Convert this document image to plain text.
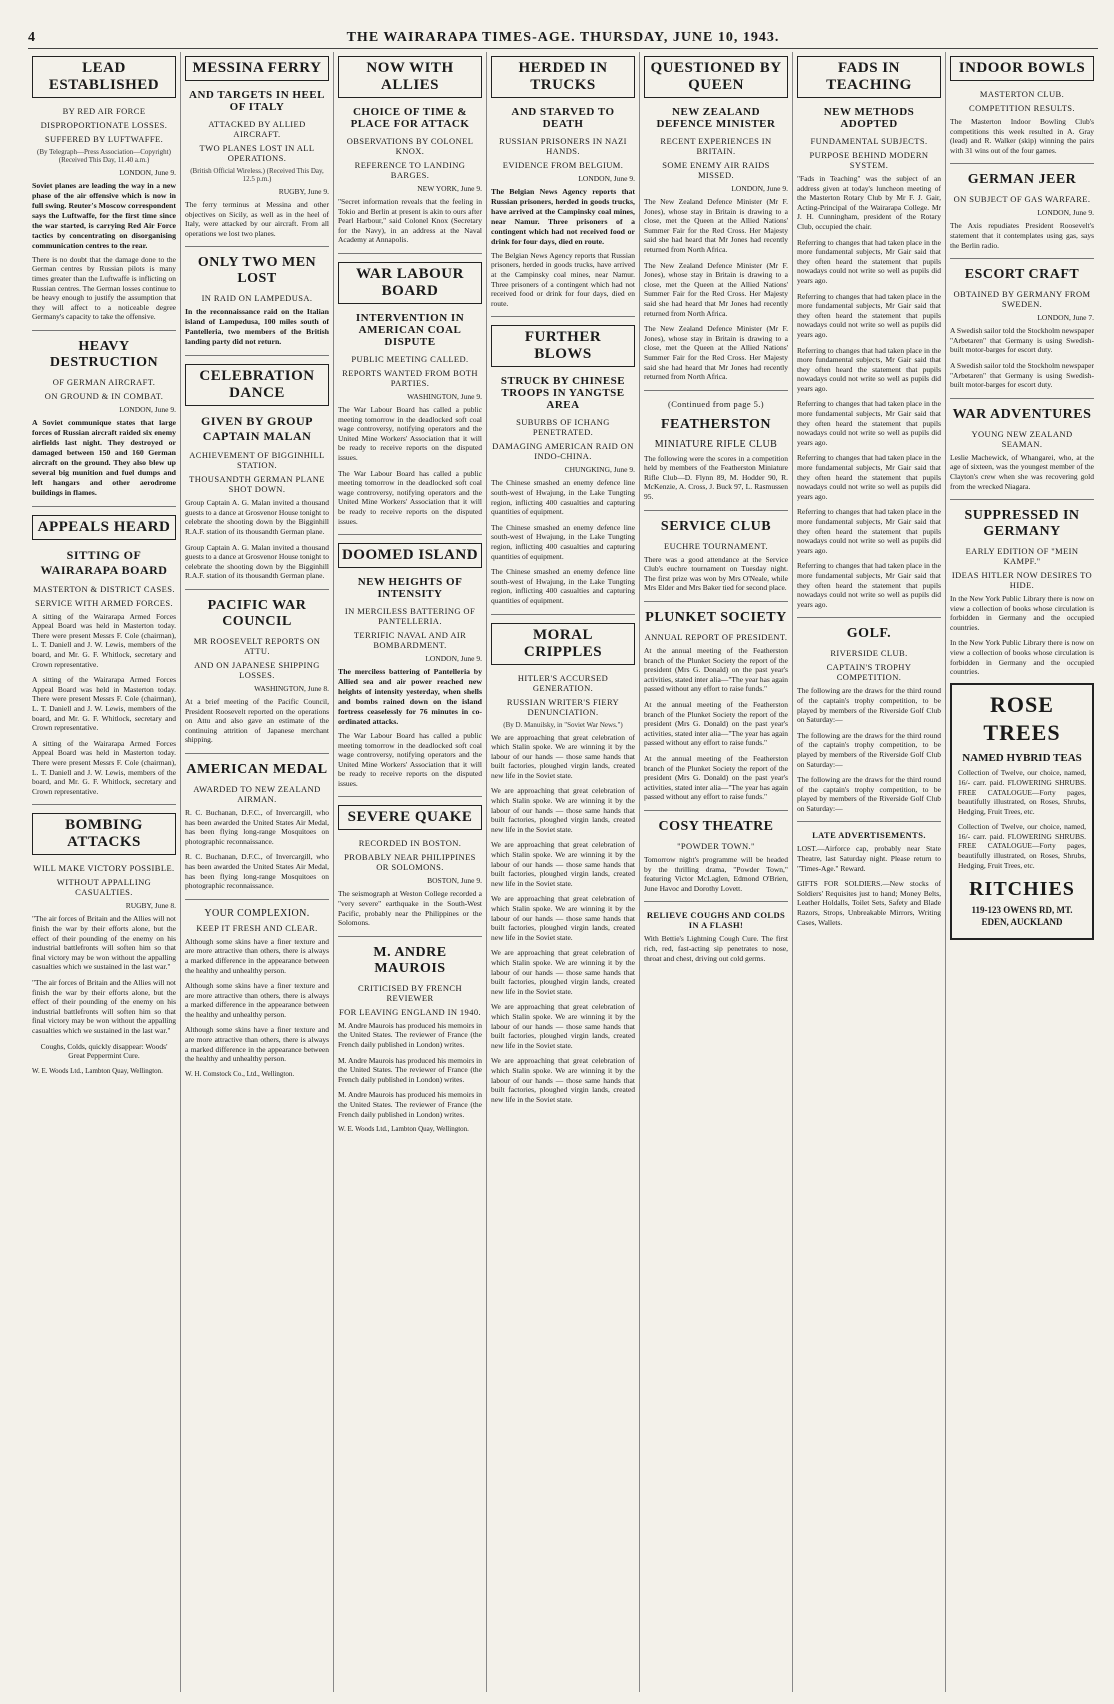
4	THE WAIRARAPA TIMES-AGE. THURSDAY, JUNE 10, 1943.
LEAD ESTABLISHED
BY RED AIR FORCE
DISPROPORTIONATE LOSSES.
SUFFERED BY LUFTWAFFE.
(By Telegraph—Press Association—Copyright) (Received This Day, 11.40 a.m.)
LONDON, June 9.

Soviet planes are leading the way in a new phase of the air offensive which is now in full swing. Reuter's Moscow correspondent says the Luftwaffe, for the first time since the war started, is carrying Red Air Force tactics by concentrating on disorganising communication centres to the rear.

There is no doubt that the damage done to the German centres by Russian pilots is many times greater than the Luftwaffe is inflicting on Russian centres. The German losses continue to be heavy enough to justify the assumption that they will affect to a noticeable degree Germany's capacity to take the offensive.

HEAVY DESTRUCTION
OF GERMAN AIRCRAFT.
ON GROUND & IN COMBAT.
LONDON, June 9.

A Soviet communique states that large forces of Russian aircraft raided six enemy airfields last night. They destroyed or damaged between 150 and 160 German aircraft on the ground. They also blew up several big munition and fuel dumps and left hangars and other aerodrome buildings in flames.

APPEALS HEARD
SITTING OF WAIRARAPA BOARD
MASTERTON & DISTRICT CASES.
SERVICE WITH ARMED FORCES.

A sitting of the Wairarapa Armed Forces Appeal Board was held in Masterton today. There were present Messrs F. Cole (chairman), L. T. Daniell and J. W. Lewis, members of the board, and Mr. G. F. Whitlock, secretary and Crown representative.

A sitting of the Wairarapa Armed Forces Appeal Board was held in Masterton today. There were present Messrs F. Cole (chairman), L. T. Daniell and J. W. Lewis, members of the board, and Mr. G. F. Whitlock, secretary and Crown representative.

A sitting of the Wairarapa Armed Forces Appeal Board was held in Masterton today. There were present Messrs F. Cole (chairman), L. T. Daniell and J. W. Lewis, members of the board, and Mr. G. F. Whitlock, secretary and Crown representative.

BOMBING ATTACKS
WILL MAKE VICTORY POSSIBLE.
WITHOUT APPALLING CASUALTIES.
RUGBY, June 8.

"The air forces of Britain and the Allies will not finish the war by their efforts alone, but the effect of their pounding of the enemy on his industrial battlefronts will soften him so that final victory may be won without the appalling casualties which we sustained in the last war."

"The air forces of Britain and the Allies will not finish the war by their efforts alone, but the effect of their pounding of the enemy on his industrial battlefronts will soften him so that final victory may be won without the appalling casualties which we sustained in the last war."

Coughs, Colds, quickly disappear: Woods' Great Peppermint Cure.

W. E. Woods Ltd., Lambton Quay, Wellington.
MESSINA FERRY
AND TARGETS IN HEEL OF ITALY
ATTACKED BY ALLIED AIRCRAFT.
TWO PLANES LOST IN ALL OPERATIONS.
(British Official Wireless.) (Received This Day, 12.5 p.m.)
RUGBY, June 9.

The ferry terminus at Messina and other objectives on Sicily, as well as in the heel of Italy, were attacked by our aircraft. From all operations we lost two planes.

ONLY TWO MEN LOST
IN RAID ON LAMPEDUSA.

In the reconnaissance raid on the Italian island of Lampedusa, 100 miles south of Pantelleria, two members of the British landing party did not return.

CELEBRATION DANCE
GIVEN BY GROUP CAPTAIN MALAN
ACHIEVEMENT OF BIGGINHILL STATION.
THOUSANDTH GERMAN PLANE SHOT DOWN.

Group Captain A. G. Malan invited a thousand guests to a dance at Grosvenor House tonight to celebrate the shooting down by the Bigginhill R.A.F. station of its thousandth German plane.

Group Captain A. G. Malan invited a thousand guests to a dance at Grosvenor House tonight to celebrate the shooting down by the Bigginhill R.A.F. station of its thousandth German plane.

PACIFIC WAR COUNCIL
MR ROOSEVELT REPORTS ON ATTU.
AND ON JAPANESE SHIPPING LOSSES.
WASHINGTON, June 8.

At a brief meeting of the Pacific Council, President Roosevelt reported on the operations on Attu and also gave an estimate of the continuing attrition of Japanese merchant shipping.

AMERICAN MEDAL
AWARDED TO NEW ZEALAND AIRMAN.

R. C. Buchanan, D.F.C., of Invercargill, who has been awarded the United States Air Medal, has been flying long-range Mosquitoes on photographic reconnaissance.

R. C. Buchanan, D.F.C., of Invercargill, who has been awarded the United States Air Medal, has been flying long-range Mosquitoes on photographic reconnaissance.

YOUR COMPLEXION.
KEEP IT FRESH AND CLEAR.

Although some skins have a finer texture and are more attractive than others, there is always a marked difference in the appearance between the healthy and unhealthy person.

Although some skins have a finer texture and are more attractive than others, there is always a marked difference in the appearance between the healthy and unhealthy person.

Although some skins have a finer texture and are more attractive than others, there is always a marked difference in the appearance between the healthy and unhealthy person.

W. H. Comstock Co., Ltd., Wellington.
NOW WITH ALLIES
CHOICE OF TIME & PLACE FOR ATTACK
OBSERVATIONS BY COLONEL KNOX.
REFERENCE TO LANDING BARGES.
NEW YORK, June 9.

"Secret information reveals that the feeling in Tokio and Berlin at present is akin to ours after Pearl Harbour," said Colonel Knox (Secretary for the Navy), in an address at the Naval Academy at Annapolis.

WAR LABOUR BOARD
INTERVENTION IN AMERICAN COAL DISPUTE
PUBLIC MEETING CALLED.
REPORTS WANTED FROM BOTH PARTIES.
WASHINGTON, June 9.

The War Labour Board has called a public meeting tomorrow in the deadlocked soft coal wage controversy, notifying operators and the United Mine Workers' Association that it will be ready to receive reports on the disputed issues.

The War Labour Board has called a public meeting tomorrow in the deadlocked soft coal wage controversy, notifying operators and the United Mine Workers' Association that it will be ready to receive reports on the disputed issues.

DOOMED ISLAND
NEW HEIGHTS OF INTENSITY
IN MERCILESS BATTERING OF PANTELLERIA.
TERRIFIC NAVAL AND AIR BOMBARDMENT.
LONDON, June 9.

The merciless battering of Pantelleria by Allied sea and air power reached new heights of intensity yesterday, when shells and bombs rained down on the island fortress ceaselessly for 76 minutes in co-ordinated attacks.

The War Labour Board has called a public meeting tomorrow in the deadlocked soft coal wage controversy, notifying operators and the United Mine Workers' Association that it will be ready to receive reports on the disputed issues.

SEVERE QUAKE
RECORDED IN BOSTON.
PROBABLY NEAR PHILIPPINES OR SOLOMONS.
BOSTON, June 9.

The seismograph at Weston College recorded a "very severe" earthquake in the South-West Pacific, probably near the Philippines or the Solomons.

M. ANDRE MAUROIS
CRITICISED BY FRENCH REVIEWER
FOR LEAVING ENGLAND IN 1940.

M. Andre Maurois has produced his memoirs in the United States. The reviewer of France (the French daily published in London) writes.

M. Andre Maurois has produced his memoirs in the United States. The reviewer of France (the French daily published in London) writes.

M. Andre Maurois has produced his memoirs in the United States. The reviewer of France (the French daily published in London) writes.

W. E. Woods Ltd., Lambton Quay, Wellington.
HERDED IN TRUCKS
AND STARVED TO DEATH
RUSSIAN PRISONERS IN NAZI HANDS.
EVIDENCE FROM BELGIUM.
LONDON, June 9.

The Belgian News Agency reports that Russian prisoners, herded in goods trucks, have arrived at the Campinsky coal mines, near Namur. Three prisoners of a contingent which had not received food or drink for four days, died en route.

The Belgian News Agency reports that Russian prisoners, herded in goods trucks, have arrived at the Campinsky coal mines, near Namur. Three prisoners of a contingent which had not received food or drink for four days, died en route.

FURTHER BLOWS
STRUCK BY CHINESE TROOPS IN YANGTSE AREA
SUBURBS OF ICHANG PENETRATED.
DAMAGING AMERICAN RAID ON INDO-CHINA.
CHUNGKING, June 9.

The Chinese smashed an enemy defence line south-west of Hwajung, in the Lake Tungting region, inflicting 400 casualties and capturing quantities of equipment.

The Chinese smashed an enemy defence line south-west of Hwajung, in the Lake Tungting region, inflicting 400 casualties and capturing quantities of equipment.

The Chinese smashed an enemy defence line south-west of Hwajung, in the Lake Tungting region, inflicting 400 casualties and capturing quantities of equipment.

MORAL CRIPPLES
HITLER'S ACCURSED GENERATION.
RUSSIAN WRITER'S FIERY DENUNCIATION.
(By D. Manuilsky, in "Soviet War News.")

We are approaching that great celebration of which Stalin spoke. We are winning it by the labour of our hands — those same hands that built factories, ploughed virgin lands, created new life in the Soviet state.

We are approaching that great celebration of which Stalin spoke. We are winning it by the labour of our hands — those same hands that built factories, ploughed virgin lands, created new life in the Soviet state.

We are approaching that great celebration of which Stalin spoke. We are winning it by the labour of our hands — those same hands that built factories, ploughed virgin lands, created new life in the Soviet state.

We are approaching that great celebration of which Stalin spoke. We are winning it by the labour of our hands — those same hands that built factories, ploughed virgin lands, created new life in the Soviet state.

We are approaching that great celebration of which Stalin spoke. We are winning it by the labour of our hands — those same hands that built factories, ploughed virgin lands, created new life in the Soviet state.

We are approaching that great celebration of which Stalin spoke. We are winning it by the labour of our hands — those same hands that built factories, ploughed virgin lands, created new life in the Soviet state.

We are approaching that great celebration of which Stalin spoke. We are winning it by the labour of our hands — those same hands that built factories, ploughed virgin lands, created new life in the Soviet state.

QUESTIONED BY QUEEN
NEW ZEALAND DEFENCE MINISTER
RECENT EXPERIENCES IN BRITAIN.
SOME ENEMY AIR RAIDS MISSED.
LONDON, June 9.

The New Zealand Defence Minister (Mr F. Jones), whose stay in Britain is drawing to a close, met the Queen at the Allied Nations' Summer Fair for the Red Cross. Her Majesty said she had heard that Mr Jones had recently returned from North Africa.

The New Zealand Defence Minister (Mr F. Jones), whose stay in Britain is drawing to a close, met the Queen at the Allied Nations' Summer Fair for the Red Cross. Her Majesty said she had heard that Mr Jones had recently returned from North Africa.

The New Zealand Defence Minister (Mr F. Jones), whose stay in Britain is drawing to a close, met the Queen at the Allied Nations' Summer Fair for the Red Cross. Her Majesty said she had heard that Mr Jones had recently returned from North Africa.

(Continued from page 5.)
FEATHERSTON
MINIATURE RIFLE CLUB

The following were the scores in a competition held by members of the Featherston Miniature Rifle Club—D. Flynn 89, M. Hodder 90, R. McKenzie, A. Cross, J. Buck 97, L. Rasmussen 95.

SERVICE CLUB
EUCHRE TOURNAMENT.

There was a good attendance at the Service Club's euchre tournament on Tuesday night. The first prize was won by Mrs O'Neale, while Mrs Elder and Mrs Baker tied for second place.

PLUNKET SOCIETY
ANNUAL REPORT OF PRESIDENT.

At the annual meeting of the Featherston branch of the Plunket Society the report of the president (Mrs G. Donald) on the past year's activities, stated inter alia—"The year has again passed without any effort to raise funds."

At the annual meeting of the Featherston branch of the Plunket Society the report of the president (Mrs G. Donald) on the past year's activities, stated inter alia—"The year has again passed without any effort to raise funds."

At the annual meeting of the Featherston branch of the Plunket Society the report of the president (Mrs G. Donald) on the past year's activities, stated inter alia—"The year has again passed without any effort to raise funds."

COSY THEATRE
"POWDER TOWN."

Tomorrow night's programme will be headed by the thrilling drama, "Powder Town," featuring Victor McLaglen, Edmond O'Brien, June Havoc and Dorothy Lovett.

RELIEVE COUGHS AND COLDS IN A FLASH!

With Bettie's Lightning Cough Cure. The first rich, red, fast-acting sip penetrates to nose, throat and chest, driving out cold germs.

FADS IN TEACHING
NEW METHODS ADOPTED
FUNDAMENTAL SUBJECTS.
PURPOSE BEHIND MODERN SYSTEM.

"Fads in Teaching" was the subject of an address given at today's luncheon meeting of the Masterton Rotary Club by Mr F. J. Gair, Acting-Principal of the Wairarapa College. Mr J. H. Cunningham, president of the Rotary Club, occupied the chair.

Referring to changes that had taken place in the more fundamental subjects, Mr Gair said that they often heard the statement that pupils nowadays could not write so well as pupils did years ago.

Referring to changes that had taken place in the more fundamental subjects, Mr Gair said that they often heard the statement that pupils nowadays could not write so well as pupils did years ago.

Referring to changes that had taken place in the more fundamental subjects, Mr Gair said that they often heard the statement that pupils nowadays could not write so well as pupils did years ago.

Referring to changes that had taken place in the more fundamental subjects, Mr Gair said that they often heard the statement that pupils nowadays could not write so well as pupils did years ago.

Referring to changes that had taken place in the more fundamental subjects, Mr Gair said that they often heard the statement that pupils nowadays could not write so well as pupils did years ago.

Referring to changes that had taken place in the more fundamental subjects, Mr Gair said that they often heard the statement that pupils nowadays could not write so well as pupils did years ago.

Referring to changes that had taken place in the more fundamental subjects, Mr Gair said that they often heard the statement that pupils nowadays could not write so well as pupils did years ago.

GOLF.
RIVERSIDE CLUB.
CAPTAIN'S TROPHY COMPETITION.

The following are the draws for the third round of the captain's trophy competition, to be played by members of the Riverside Golf Club on Saturday:—

The following are the draws for the third round of the captain's trophy competition, to be played by members of the Riverside Golf Club on Saturday:—

The following are the draws for the third round of the captain's trophy competition, to be played by members of the Riverside Golf Club on Saturday:—

LATE ADVERTISEMENTS.

LOST.—Airforce cap, probably near State Theatre, last Saturday night. Please return to "Times-Age." Reward.

GIFTS FOR SOLDIERS.—New stocks of Soldiers' Requisites just to hand; Money Belts, Leather Holdalls, Toilet Sets, Safety and Blade Razors, Strops, Unbreakable Mirrors, Writing Cases, Wallets.

INDOOR BOWLS
MASTERTON CLUB.
COMPETITION RESULTS.

The Masterton Indoor Bowling Club's competitions this week resulted in A. Gray (lead) and R. Walker (skip) winning the pairs with 31 wins out of the four games.

GERMAN JEER
ON SUBJECT OF GAS WARFARE.
LONDON, June 9.

The Axis repudiates President Roosevelt's statement that it contemplates using gas, says the Berlin radio.

ESCORT CRAFT
OBTAINED BY GERMANY FROM SWEDEN.
LONDON, June 7.

A Swedish sailor told the Stockholm newspaper "Arbetaren" that Germany is using Swedish-built motor-barges for escort duty.

A Swedish sailor told the Stockholm newspaper "Arbetaren" that Germany is using Swedish-built motor-barges for escort duty.

WAR ADVENTURES
YOUNG NEW ZEALAND SEAMAN.

Leslie Machewick, of Whangarei, who, at the age of sixteen, was the youngest member of the Clayton's crew when she was recovering gold from the wrecked Niagara.

SUPPRESSED IN GERMANY
EARLY EDITION OF "MEIN KAMPF."
IDEAS HITLER NOW DESIRES TO HIDE.

In the New York Public Library there is now on view a collection of books whose circulation is forbidden in Germany and the occupied countries.

In the New York Public Library there is now on view a collection of books whose circulation is forbidden in Germany and the occupied countries.

ROSE TREES
NAMED HYBRID TEAS

Collection of Twelve, our choice, named, 16/- carr. paid. FLOWERING SHRUBS. FREE CATALOGUE—Forty pages, beautifully illustrated, on Roses, Shrubs, Hedging, Fruit Trees, etc.

Collection of Twelve, our choice, named, 16/- carr. paid. FLOWERING SHRUBS. FREE CATALOGUE—Forty pages, beautifully illustrated, on Roses, Shrubs, Hedging, Fruit Trees, etc.

RITCHIES
119-123 OWENS RD, MT. EDEN, AUCKLAND
